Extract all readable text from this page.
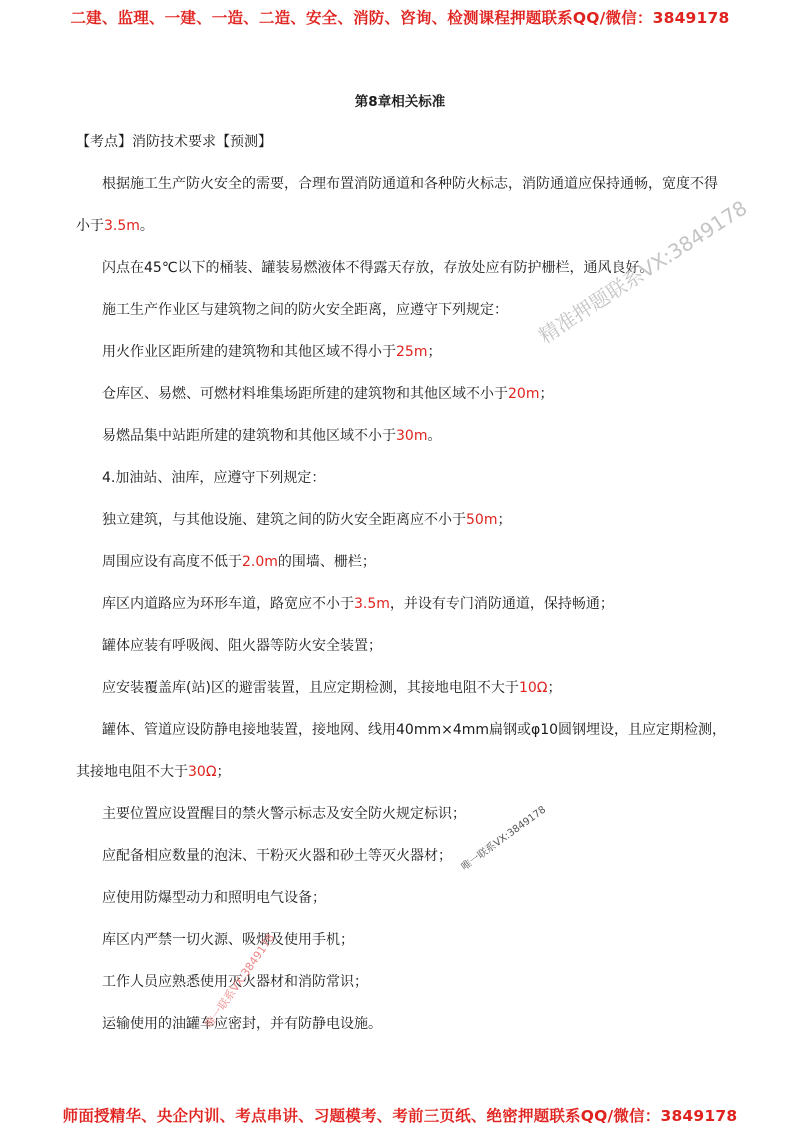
二建、监理、一建、一造、二造、安全、消防、咨询、检测课程押题联系QQ/微信：3849178
第8章相关标准
【考点】消防技术要求【预测】
根据施工生产防火安全的需要，合理布置消防通道和各种防火标志，消防通道应保持通畅，宽度不得
小于3.5m。
闪点在45℃以下的桶装、罐装易燃液体不得露天存放，存放处应有防护栅栏，通风良好。
施工生产作业区与建筑物之间的防火安全距离，应遵守下列规定：
用火作业区距所建的建筑物和其他区域不得小于25m；
仓库区、易燃、可燃材料堆集场距所建的建筑物和其他区域不小于20m；
易燃品集中站距所建的建筑物和其他区域不小于30m。
4.加油站、油库，应遵守下列规定：
独立建筑，与其他设施、建筑之间的防火安全距离应不小于50m；
周围应设有高度不低于2.0m的围墙、栅栏；
库区内道路应为环形车道，路宽应不小于3.5m，并设有专门消防通道，保持畅通；
罐体应装有呼吸阀、阻火器等防火安全装置；
应安装覆盖库(站)区的避雷装置，且应定期检测，其接地电阻不大于10Ω；
罐体、管道应设防静电接地装置，接地网、线用40mm×4mm扁钢或φ10圆钢埋设，且应定期检测，
其接地电阻不大于30Ω；
主要位置应设置醒目的禁火警示标志及安全防火规定标识；
应配备相应数量的泡沫、干粉灭火器和砂土等灭火器材；
应使用防爆型动力和照明电气设备；
库区内严禁一切火源、吸烟及使用手机；
工作人员应熟悉使用灭火器材和消防常识；
运输使用的油罐车应密封，并有防静电设施。
精准押题联系VX:3849178
唯一联系VX:3849178
唯一联系VX:3849178
师面授精华、央企内训、考点串讲、习题模考、考前三页纸、绝密押题联系QQ/微信：3849178
